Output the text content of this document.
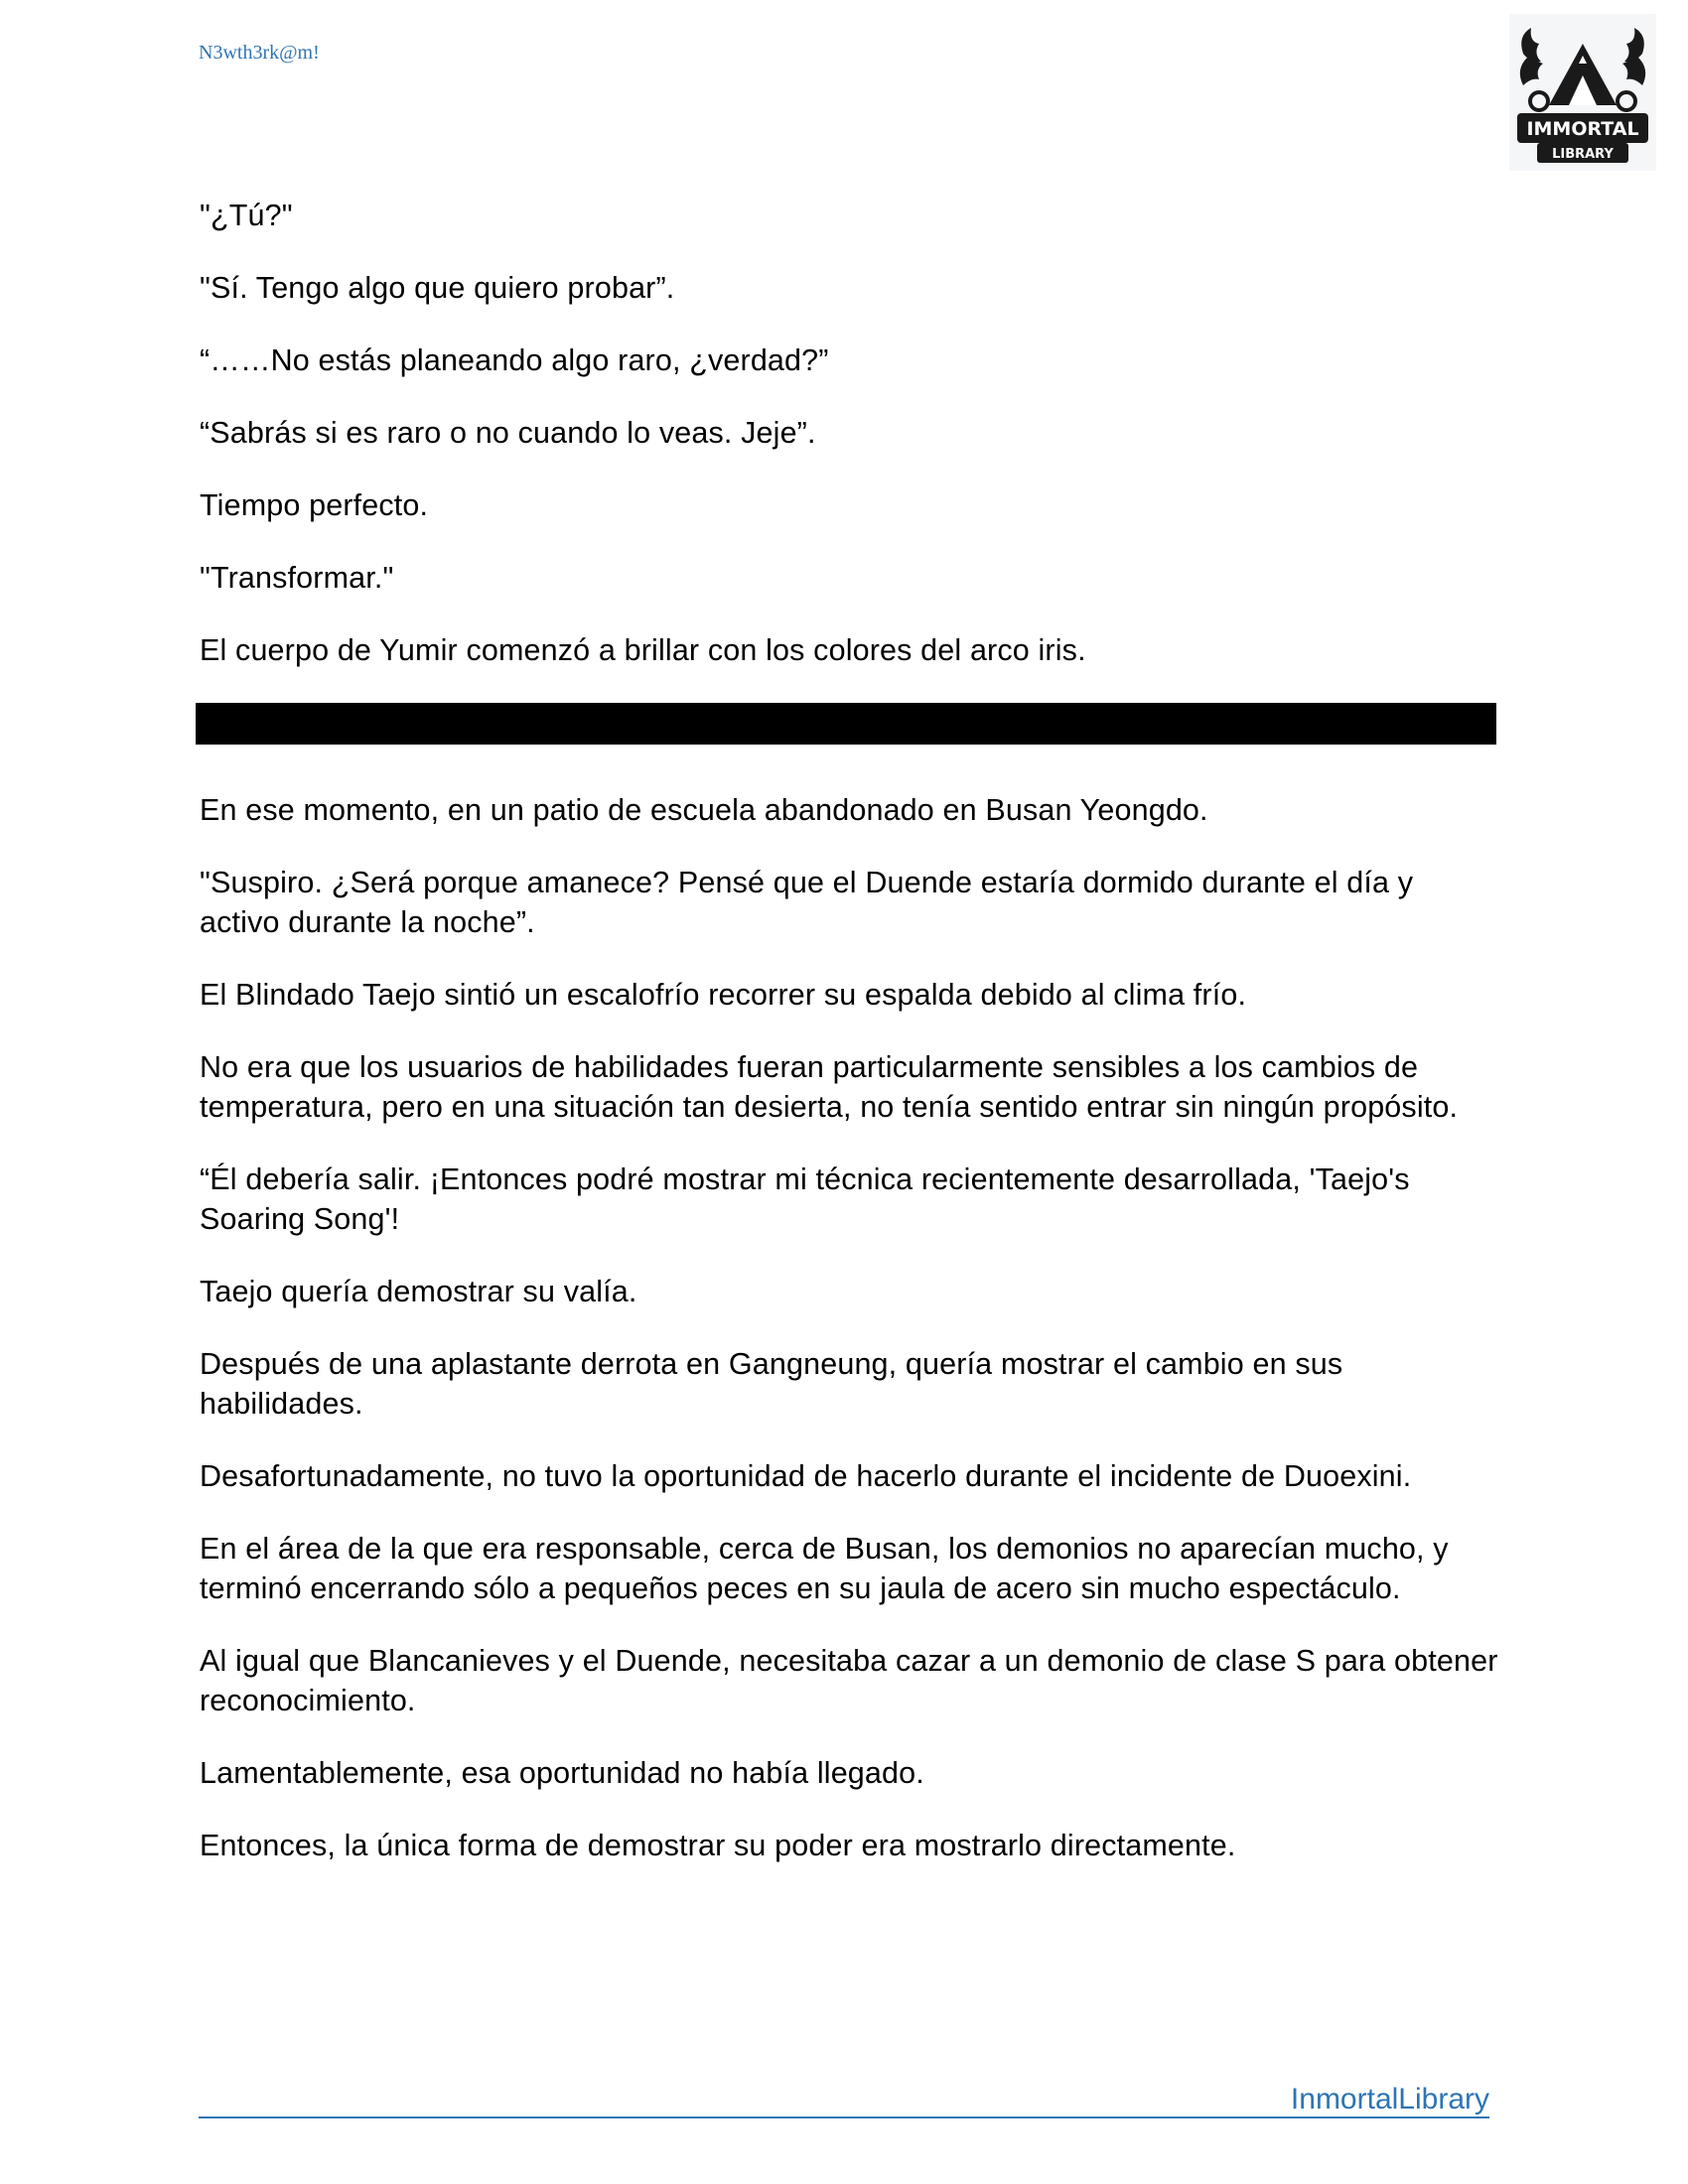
N3wth3rk@m!
IMMORTAL
LIBRARY

"¿Tú?"

"Sí. Tengo algo que quiero probar”.

“……No estás planeando algo raro, ¿verdad?”

“Sabrás si es raro o no cuando lo veas. Jeje”.

Tiempo perfecto.

"Transformar."

El cuerpo de Yumir comenzó a brillar con los colores del arco iris.

En ese momento, en un patio de escuela abandonado en Busan Yeongdo.

"Suspiro. ¿Será porque amanece? Pensé que el Duende estaría dormido durante el día y activo durante la noche”.

El Blindado Taejo sintió un escalofrío recorrer su espalda debido al clima frío.

No era que los usuarios de habilidades fueran particularmente sensibles a los cambios de temperatura, pero en una situación tan desierta, no tenía sentido entrar sin ningún propósito.

“Él debería salir. ¡Entonces podré mostrar mi técnica recientemente desarrollada, 'Taejo's Soaring Song'!

Taejo quería demostrar su valía.

Después de una aplastante derrota en Gangneung, quería mostrar el cambio en sus habilidades.

Desafortunadamente, no tuvo la oportunidad de hacerlo durante el incidente de Duoexini.

En el área de la que era responsable, cerca de Busan, los demonios no aparecían mucho, y terminó encerrando sólo a pequeños peces en su jaula de acero sin mucho espectáculo.

Al igual que Blancanieves y el Duende, necesitaba cazar a un demonio de clase S para obtener reconocimiento.

Lamentablemente, esa oportunidad no había llegado.

Entonces, la única forma de demostrar su poder era mostrarlo directamente.

InmortalLibrary
